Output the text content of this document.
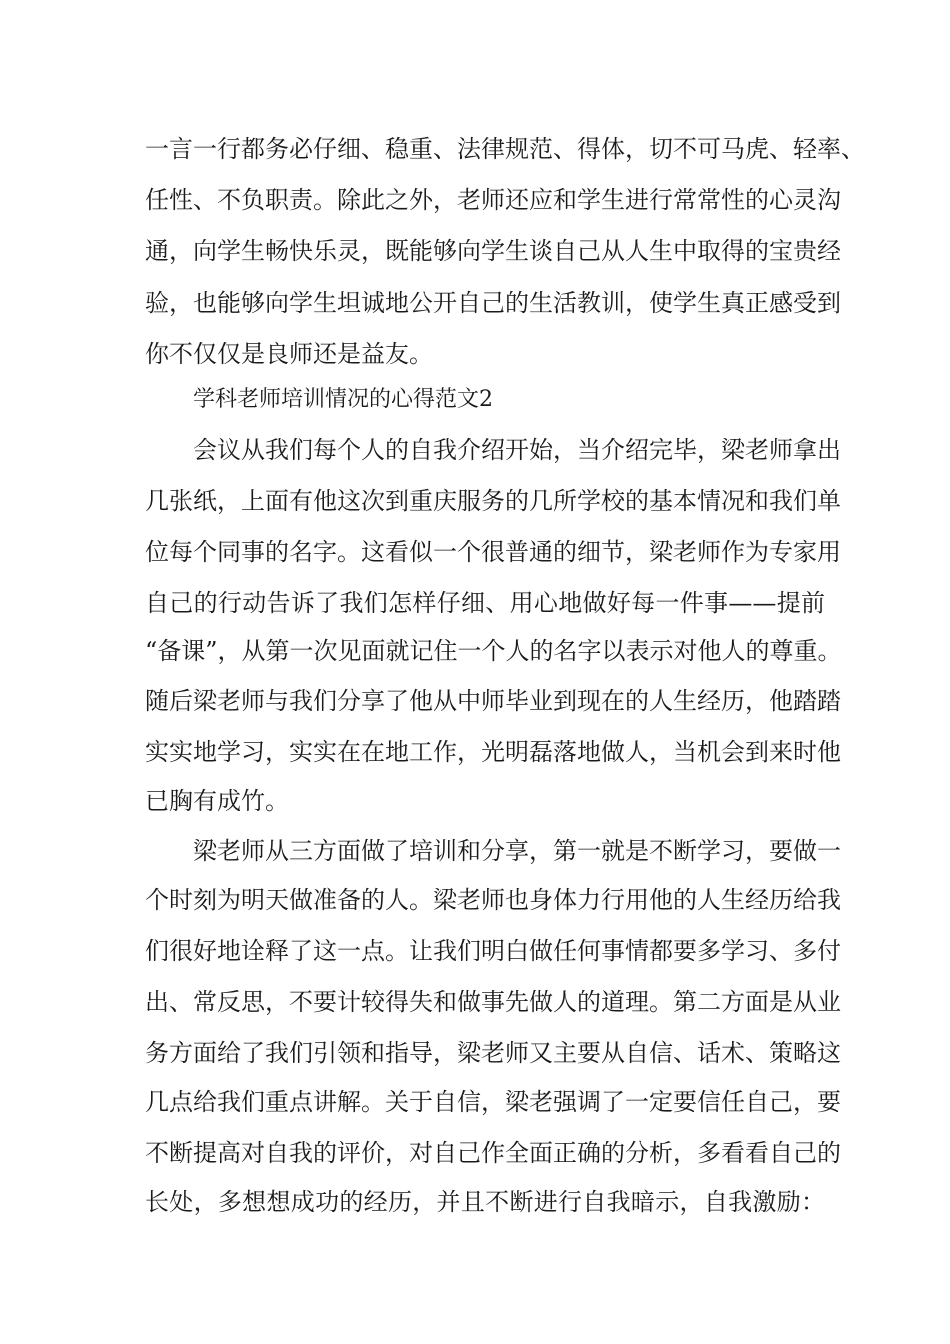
一言一行都务必仔细、稳重、法律规范、得体，切不可马虎、轻率、
任性、不负职责。除此之外，老师还应和学生进行常常性的心灵沟
通，向学生畅快乐灵，既能够向学生谈自己从人生中取得的宝贵经
验，也能够向学生坦诚地公开自己的生活教训，使学生真正感受到
你不仅仅是良师还是益友。
学科老师培训情况的心得范文2
会议从我们每个人的自我介绍开始，当介绍完毕，梁老师拿出
几张纸，上面有他这次到重庆服务的几所学校的基本情况和我们单
位每个同事的名字。这看似一个很普通的细节，梁老师作为专家用
自己的行动告诉了我们怎样仔细、用心地做好每一件事——提前
“备课”，从第一次见面就记住一个人的名字以表示对他人的尊重。
随后梁老师与我们分享了他从中师毕业到现在的人生经历，他踏踏
实实地学习，实实在在地工作，光明磊落地做人，当机会到来时他
已胸有成竹。
梁老师从三方面做了培训和分享，第一就是不断学习，要做一
个时刻为明天做准备的人。梁老师也身体力行用他的人生经历给我
们很好地诠释了这一点。让我们明白做任何事情都要多学习、多付
出、常反思，不要计较得失和做事先做人的道理。第二方面是从业
务方面给了我们引领和指导，梁老师又主要从自信、话术、策略这
几点给我们重点讲解。关于自信，梁老强调了一定要信任自己，要
不断提高对自我的评价，对自己作全面正确的分析，多看看自己的
长处，多想想成功的经历，并且不断进行自我暗示，自我激励：
